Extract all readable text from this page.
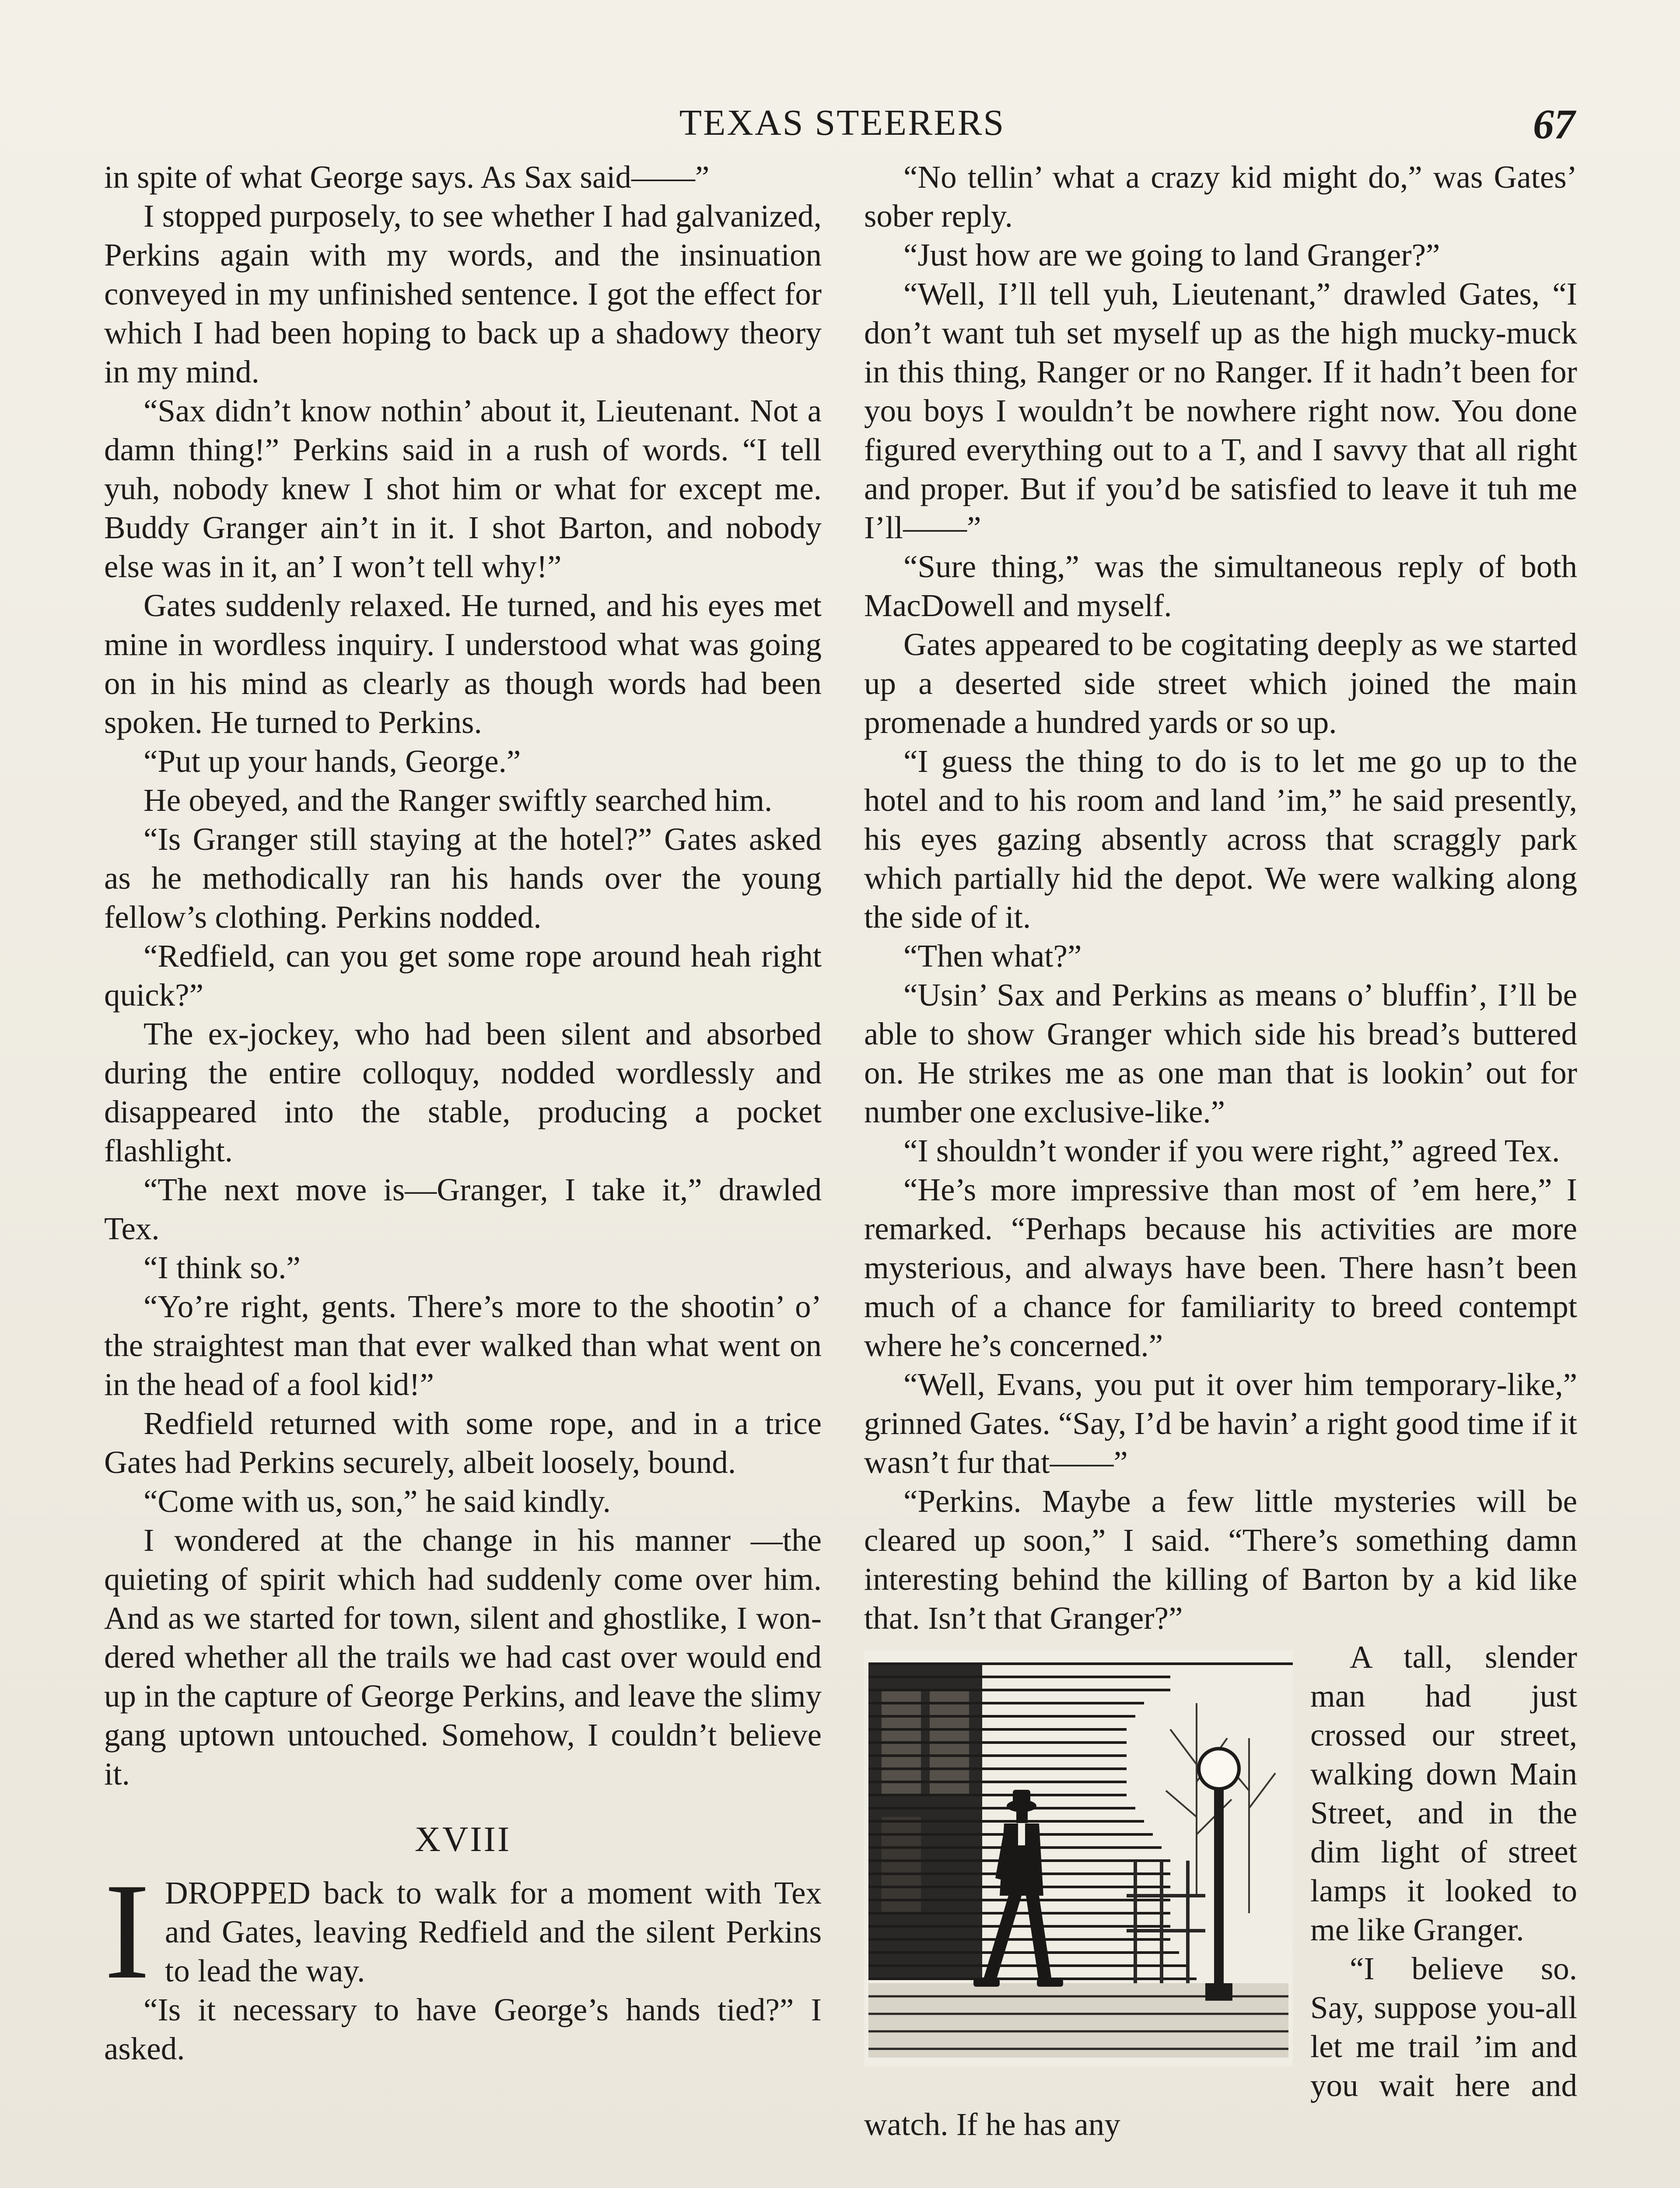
TEXAS STEERERS	67

in spite of what George says. As Sax said——”

I stopped purposely, to see whether I had galvanized, Perkins again with my words, and the insinuation conveyed in my unfinished sentence. I got the effect for which I had been hoping to back up a shadowy theory in my mind.

“Sax didn’t know nothin’ about it, Lieutenant. Not a damn thing!” Perkins said in a rush of words. “I tell yuh, nobody knew I shot him or what for except me. Buddy Granger ain’t in it. I shot Barton, and nobody else was in it, an’ I won’t tell why!”

Gates suddenly relaxed. He turned, and his eyes met mine in wordless inquiry. I understood what was going on in his mind as clearly as though words had been spoken. He turned to Perkins.

“Put up your hands, George.”

He obeyed, and the Ranger swiftly searched him.

“Is Granger still staying at the hotel?” Gates asked as he methodically ran his hands over the young fellow’s clothing. Perkins nodded.

“Redfield, can you get some rope around heah right quick?”

The ex-jockey, who had been silent and absorbed during the entire colloquy, nodded wordlessly and disappeared into the stable, producing a pocket flashlight.

“The next move is—Granger, I take it,” drawled Tex.

“I think so.”

“Yo’re right, gents. There’s more to the shootin’ o’ the straightest man that ever walked than what went on in the head of a fool kid!”

Redfield returned with some rope, and in a trice Gates had Perkins securely, albeit loosely, bound.

“Come with us, son,” he said kindly.

I wondered at the change in his manner —the quieting of spirit which had suddenly come over him. And as we started for town, silent and ghostlike, I wondered whether all the trails we had cast over would end up in the capture of George Perkins, and leave the slimy gang uptown untouched. Somehow, I couldn’t believe it.

XVIII

IDROPPED back to walk for a moment with Tex and Gates, leaving Redfield and the silent Perkins to lead the way.

“Is it necessary to have George’s hands tied?” I asked.

“No tellin’ what a crazy kid might do,” was Gates’ sober reply.

“Just how are we going to land Granger?”

“Well, I’ll tell yuh, Lieutenant,” drawled Gates, “I don’t want tuh set myself up as the high mucky-muck in this thing, Ranger or no Ranger. If it hadn’t been for you boys I wouldn’t be nowhere right now. You done figured everything out to a T, and I savvy that all right and proper. But if you’d be satisfied to leave it tuh me I’ll——”

“Sure thing,” was the simultaneous reply of both MacDowell and myself.

Gates appeared to be cogitating deeply as we started up a deserted side street which joined the main promenade a hundred yards or so up.

“I guess the thing to do is to let me go up to the hotel and to his room and land ’im,” he said presently, his eyes gazing absently across that scraggly park which partially hid the depot. We were walking along the side of it.

“Then what?”

“Usin’ Sax and Perkins as means o’ bluffin’, I’ll be able to show Granger which side his bread’s buttered on. He strikes me as one man that is lookin’ out for number one exclusive-like.”

“I shouldn’t wonder if you were right,” agreed Tex.

“He’s more impressive than most of ’em here,” I remarked. “Perhaps because his activities are more mysterious, and always have been. There hasn’t been much of a chance for familiarity to breed contempt where he’s concerned.”

“Well, Evans, you put it over him temporary-like,” grinned Gates. “Say, I’d be havin’ a right good time if it wasn’t fur that——”

“Perkins. Maybe a few little mysteries will be cleared up soon,” I said. “There’s something damn interesting behind the killing of Barton by a kid like that. Isn’t that Granger?”

A tall, slender man had just crossed our street, walking down Main Street, and in the dim light of street lamps it looked to me like Granger.

“I believe so. Say, suppose you-all let me trail ’im and you wait here and watch. If he has any
